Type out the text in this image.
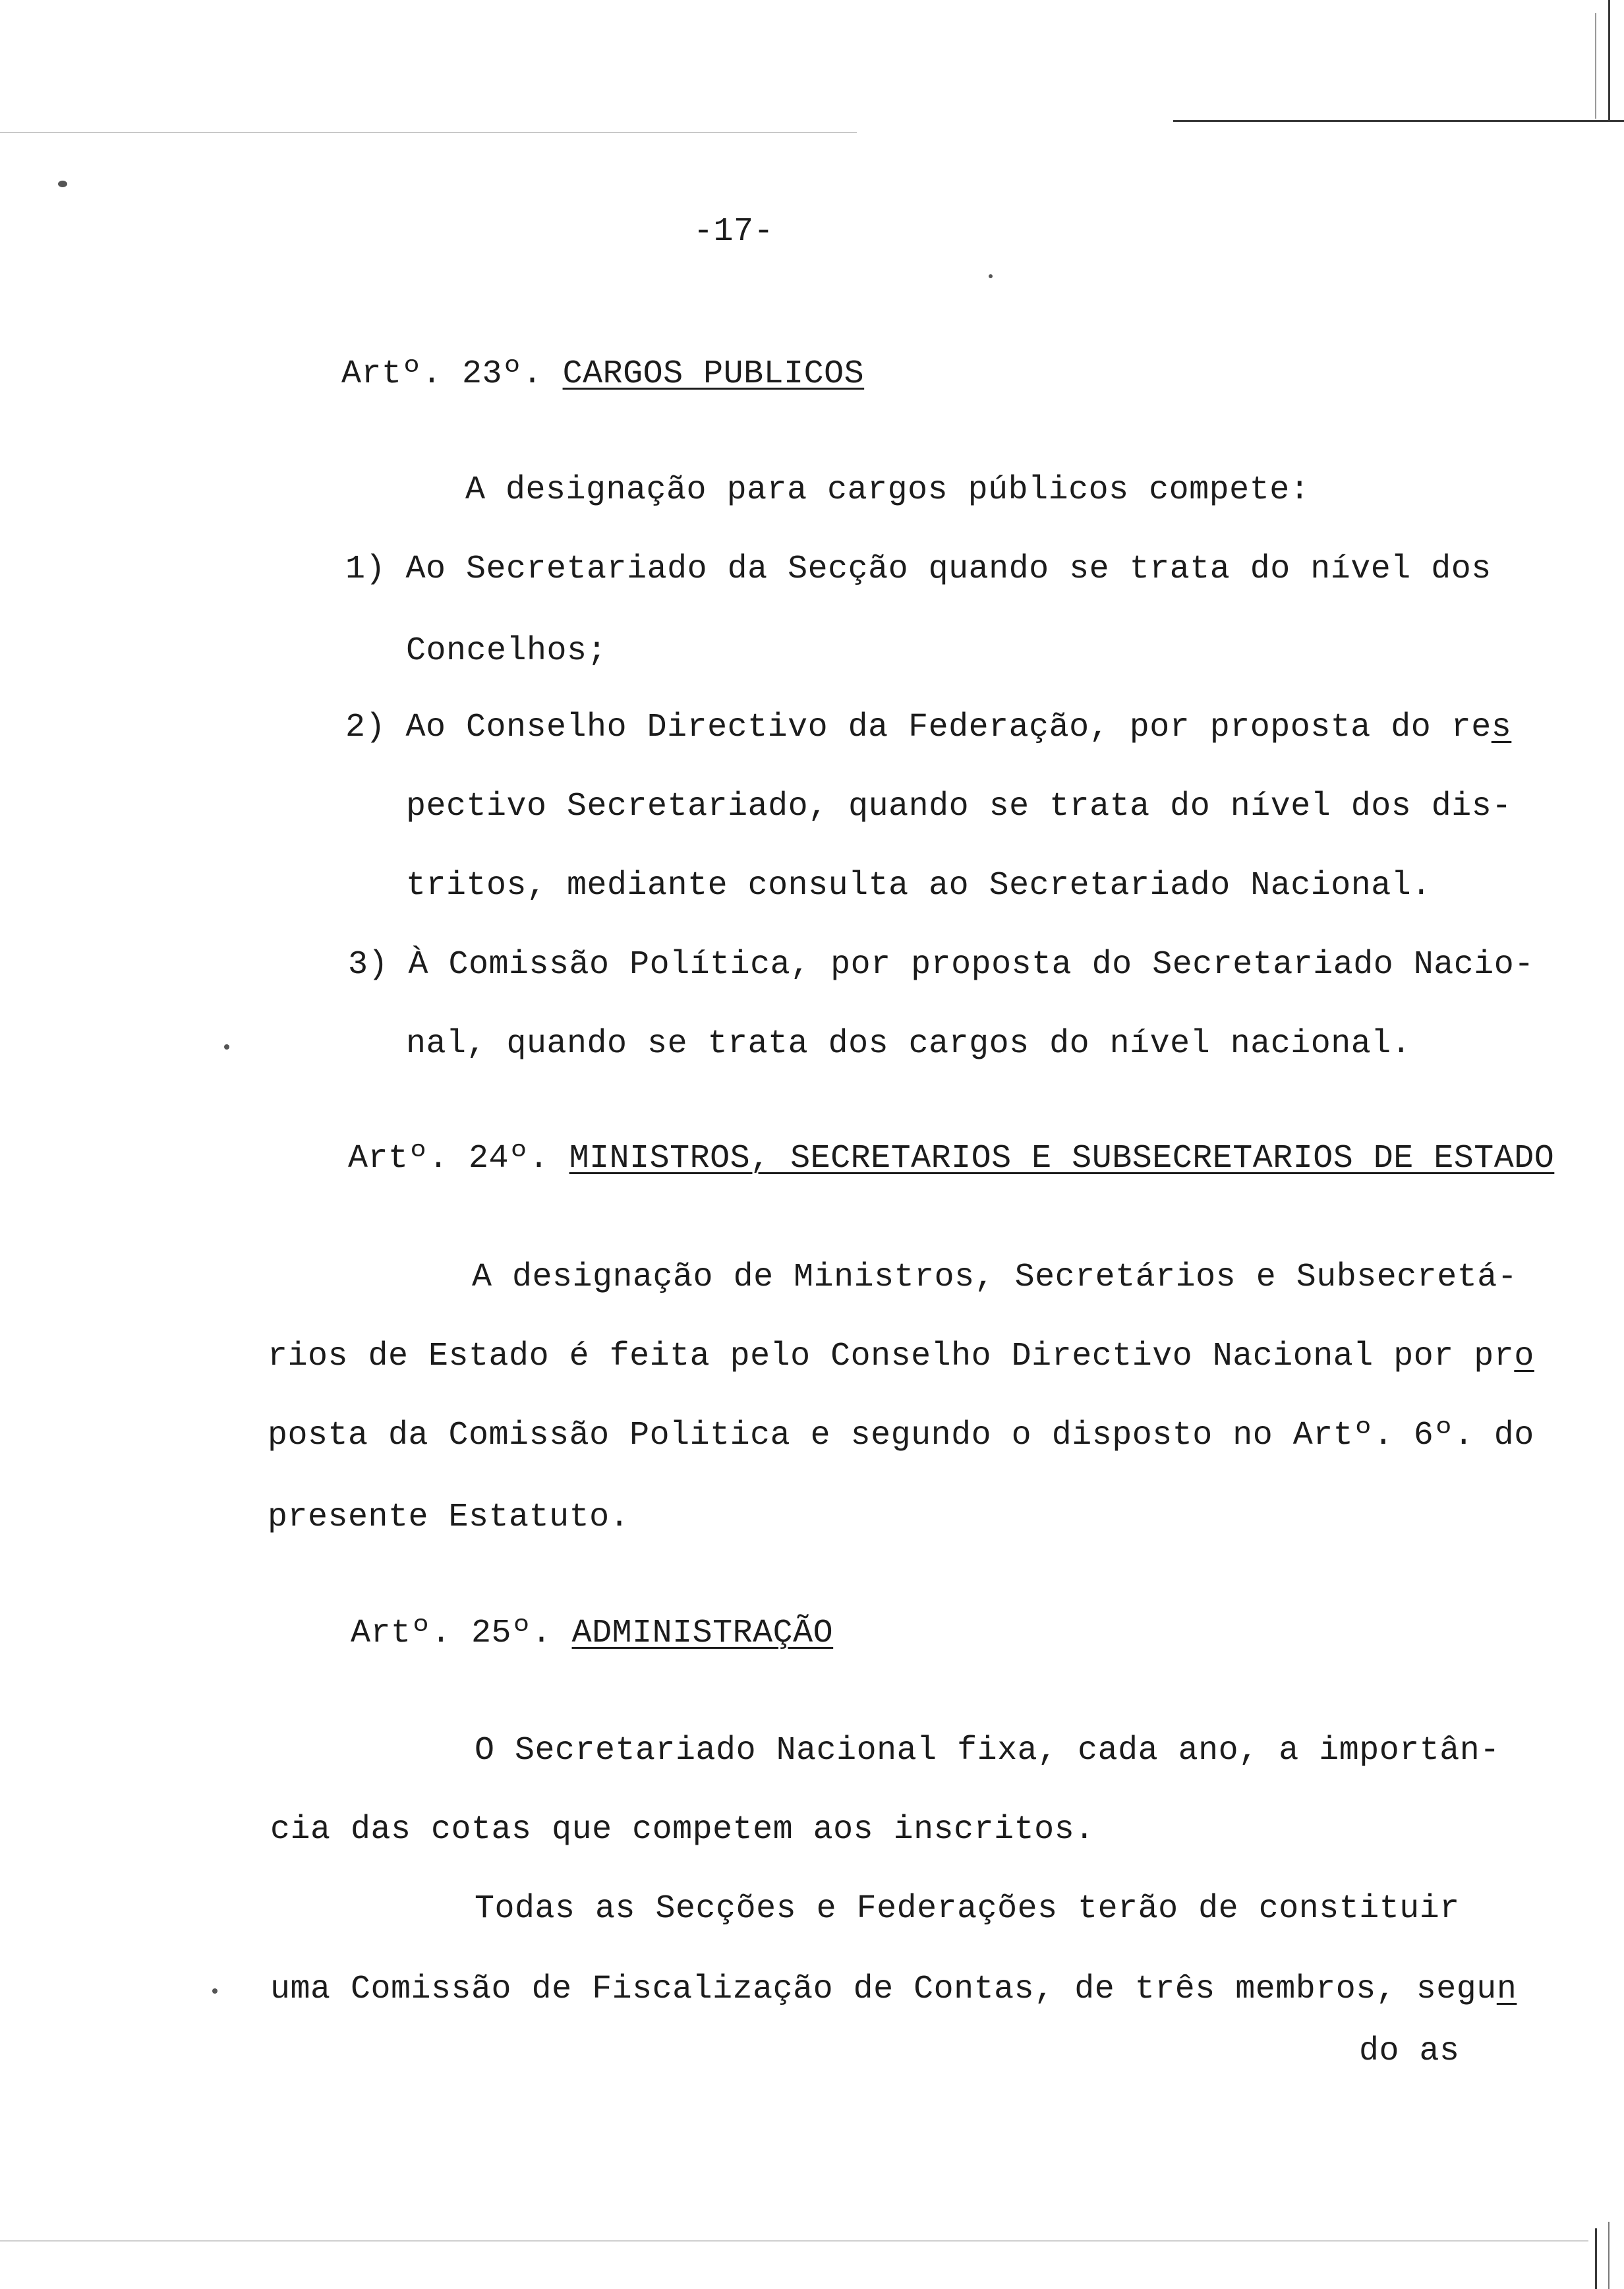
-17-
Artº. 23º. CARGOS PUBLICOS
A designação para cargos públicos compete:
1) Ao Secretariado da Secção quando se trata do nível dos
Concelhos;
2) Ao Conselho Directivo da Federação, por proposta do res
pectivo Secretariado, quando se trata do nível dos dis-
tritos, mediante consulta ao Secretariado Nacional.
3) À Comissão Política, por proposta do Secretariado Nacio-
nal, quando se trata dos cargos do nível nacional.
Artº. 24º. MINISTROS, SECRETARIOS E SUBSECRETARIOS DE ESTADO
A designação de Ministros, Secretários e Subsecretá-
rios de Estado é feita pelo Conselho Directivo Nacional por pro
posta da Comissão Politica e segundo o disposto no Artº. 6º. do
presente Estatuto.
Artº. 25º. ADMINISTRAÇÃO
O Secretariado Nacional fixa, cada ano, a importân-
cia das cotas que competem aos inscritos.
Todas as Secções e Federações terão de constituir
uma Comissão de Fiscalização de Contas, de três membros, segun
do as
